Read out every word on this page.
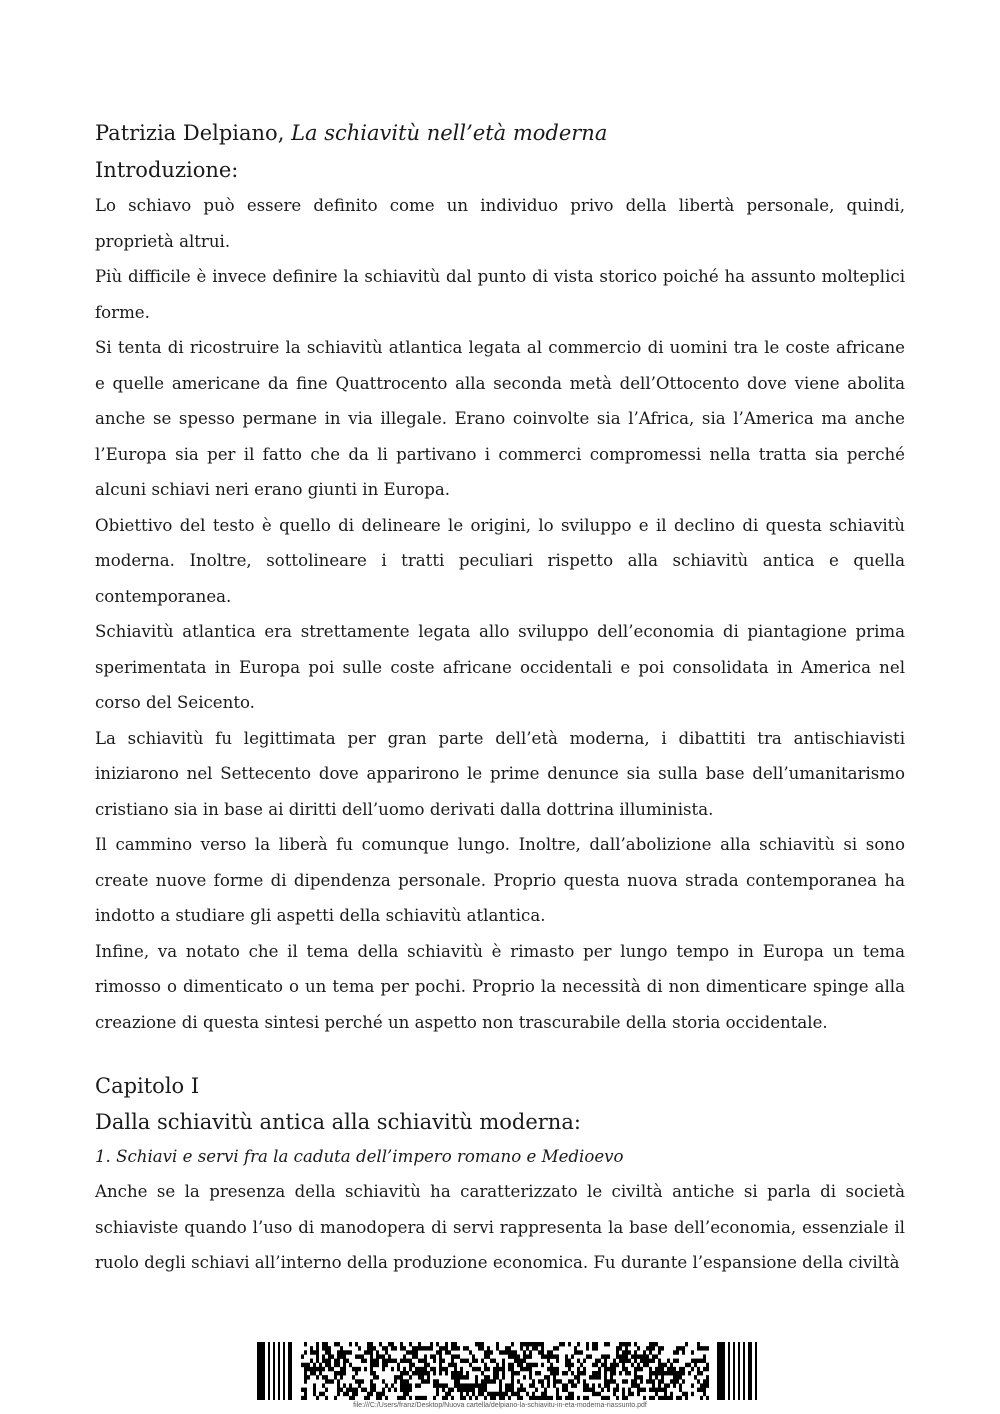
Patrizia Delpiano, La schiavitù nell’età moderna

Introduzione:

Lo schiavo può essere definito come un individuo privo della libertà personale, quindi, proprietà altrui.

Più difficile è invece definire la schiavitù dal punto di vista storico poiché ha assunto molteplici forme.

Si tenta di ricostruire la schiavitù atlantica legata al commercio di uomini tra le coste africane e quelle americane da fine Quattrocento alla seconda metà dell’Ottocento dove viene abolita anche se spesso permane in via illegale. Erano coinvolte sia l’Africa, sia l’America ma anche l’Europa sia per il fatto che da li partivano i commerci compromessi nella tratta sia perché alcuni schiavi neri erano giunti in Europa.

Obiettivo del testo è quello di delineare le origini, lo sviluppo e il declino di questa schiavitù moderna. Inoltre, sottolineare i tratti peculiari rispetto alla schiavitù antica e quella contemporanea.

Schiavitù atlantica era strettamente legata allo sviluppo dell’economia di piantagione prima sperimentata in Europa poi sulle coste africane occidentali e poi consolidata in America nel corso del Seicento.

La schiavitù fu legittimata per gran parte dell’età moderna, i dibattiti tra antischiavisti iniziarono nel Settecento dove apparirono le prime denunce sia sulla base dell’umanitarismo cristiano sia in base ai diritti dell’uomo derivati dalla dottrina illuminista.

Il cammino verso la liberà fu comunque lungo. Inoltre, dall’abolizione alla schiavitù si sono create nuove forme di dipendenza personale. Proprio questa nuova strada contemporanea ha indotto a studiare gli aspetti della schiavitù atlantica.

Infine, va notato che il tema della schiavitù è rimasto per lungo tempo in Europa un tema rimosso o dimenticato o un tema per pochi. Proprio la necessità di non dimenticare spinge alla creazione di questa sintesi perché un aspetto non trascurabile della storia occidentale.

Capitolo I

Dalla schiavitù antica alla schiavitù moderna:

1. Schiavi e servi fra la caduta dell’impero romano e Medioevo

Anche se la presenza della schiavitù ha caratterizzato le civiltà antiche si parla di società schiaviste quando l’uso di manodopera di servi rappresenta la base dell’economia, essenziale il ruolo degli schiavi all’interno della produzione economica. Fu durante l’espansione della civiltà

file:///C:/Users/franz/Desktop/Nuova cartella/delpiano-la-schiavitu-in-eta-moderna-riassunto.pdf
